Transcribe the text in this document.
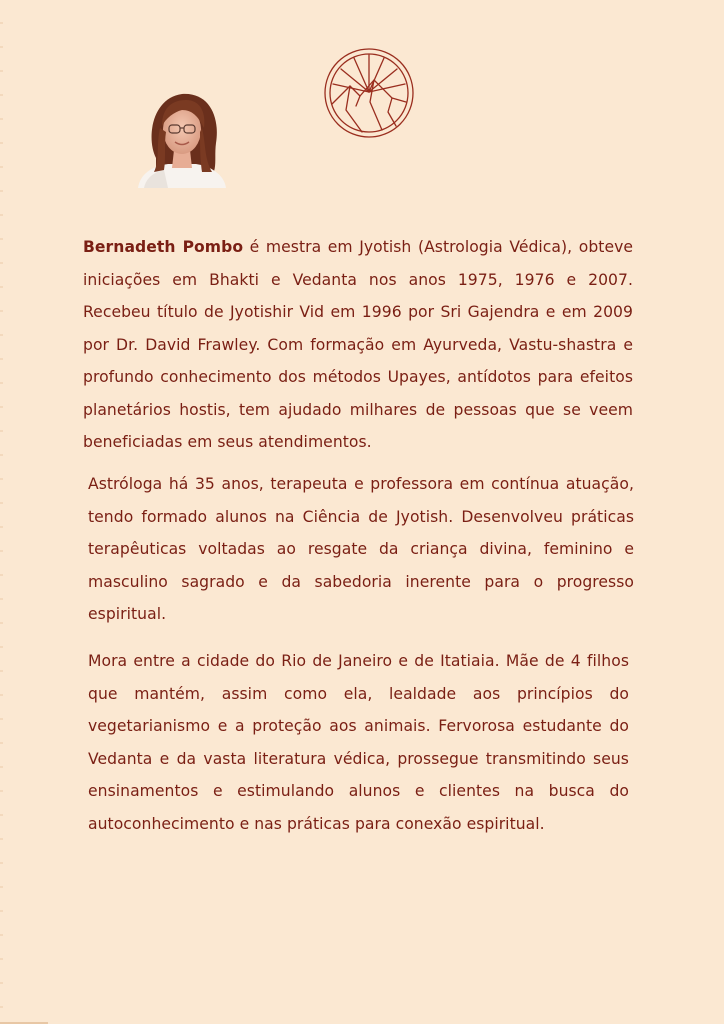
Bernadeth Pombo é mestra em Jyotish (Astrologia Védica), obteve iniciações em Bhakti e Vedanta nos anos 1975, 1976 e 2007. Recebeu título de Jyotishir Vid em 1996 por Sri Gajendra e em 2009 por Dr. David Frawley. Com formação em Ayurveda, Vastu-shastra e profundo conhecimento dos métodos Upayes, antídotos para efeitos planetários hostis, tem ajudado milhares de pessoas que se veem beneficiadas em seus atendimentos.

Astróloga há 35 anos, terapeuta e professora em contínua atuação, tendo formado alunos na Ciência de Jyotish. Desenvolveu práticas terapêuticas voltadas ao resgate da criança divina, feminino e masculino sagrado e da sabedoria inerente para o progresso espiritual.

Mora entre a cidade do Rio de Janeiro e de Itatiaia. Mãe de 4 filhos que mantém, assim como ela, lealdade aos princípios do vegetarianismo e a proteção aos animais. Fervorosa estudante do Vedanta e da vasta literatura védica, prossegue transmitindo seus ensinamentos e estimulando alunos e clientes na busca do autoconhecimento e nas práticas para conexão espiritual.
